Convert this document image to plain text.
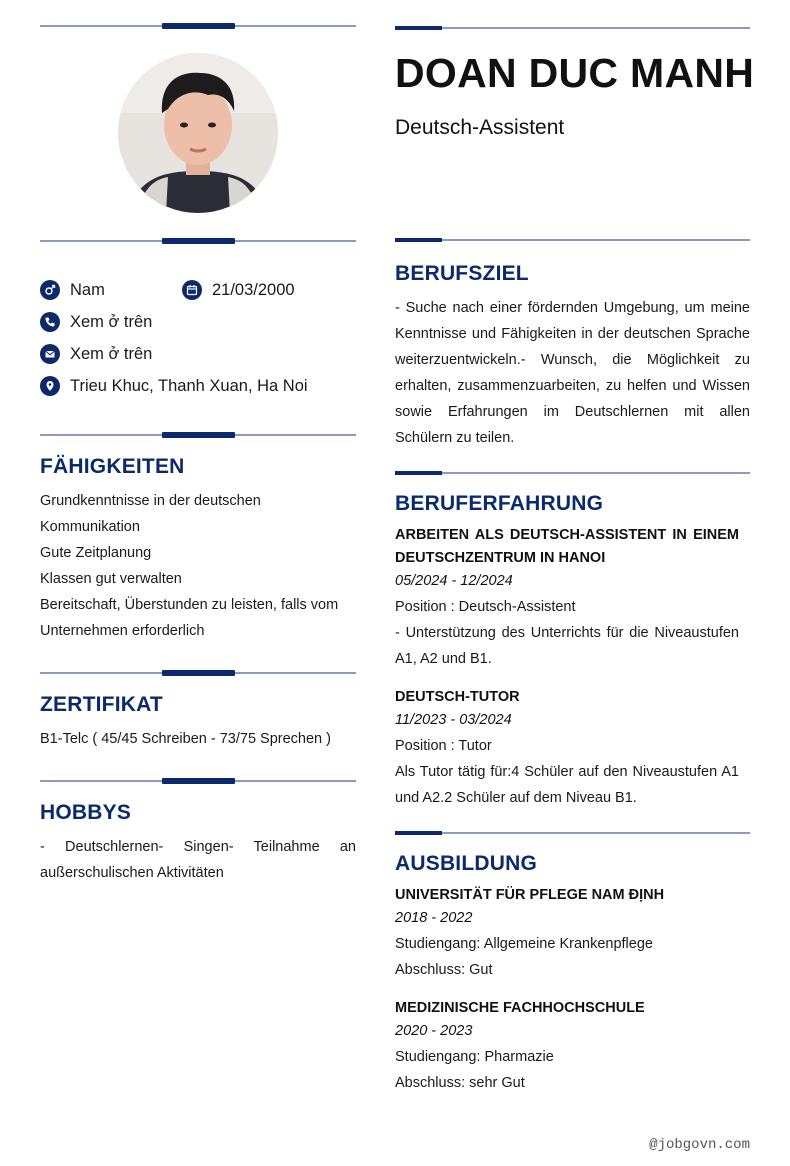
Nam	21/03/2000
Xem ở trên
Xem ở trên
Trieu Khuc, Thanh Xuan, Ha Noi
FÄHIGKEITEN
Grundkenntnisse in der deutschen Kommunikation
Gute Zeitplanung
Klassen gut verwalten
Bereitschaft, Überstunden zu leisten, falls vom Unternehmen erforderlich
ZERTIFIKAT
B1-Telc ( 45/45 Schreiben - 73/75 Sprechen )
HOBBYS
- Deutschlernen- Singen- Teilnahme an außerschulischen Aktivitäten
DOAN DUC MANH
Deutsch-Assistent
BERUFSZIEL
- Suche nach einer fördernden Umgebung, um meine Kenntnisse und Fähigkeiten in der deutschen Sprache weiterzuentwickeln.- Wunsch, die Möglichkeit zu erhalten, zusammenzuarbeiten, zu helfen und Wissen sowie Erfahrungen im Deutschlernen mit allen Schülern zu teilen.
BERUFERFAHRUNG
ARBEITEN ALS DEUTSCH-ASSISTENT IN EINEM DEUTSCHZENTRUM IN HANOI
05/2024 - 12/2024
Position : Deutsch-Assistent
- Unterstützung des Unterrichts für die Niveaustufen A1, A2 und B1.
DEUTSCH-TUTOR
11/2023 - 03/2024
Position : Tutor
Als Tutor tätig für:4 Schüler auf den Niveaustufen A1 und A2.2 Schüler auf dem Niveau B1.
AUSBILDUNG
UNIVERSITÄT FÜR PFLEGE NAM ĐỊNH
2018 - 2022
Studiengang: Allgemeine Krankenpflege
Abschluss: Gut
MEDIZINISCHE FACHHOCHSCHULE
2020 - 2023
Studiengang: Pharmazie
Abschluss: sehr Gut
@jobgovn.com
